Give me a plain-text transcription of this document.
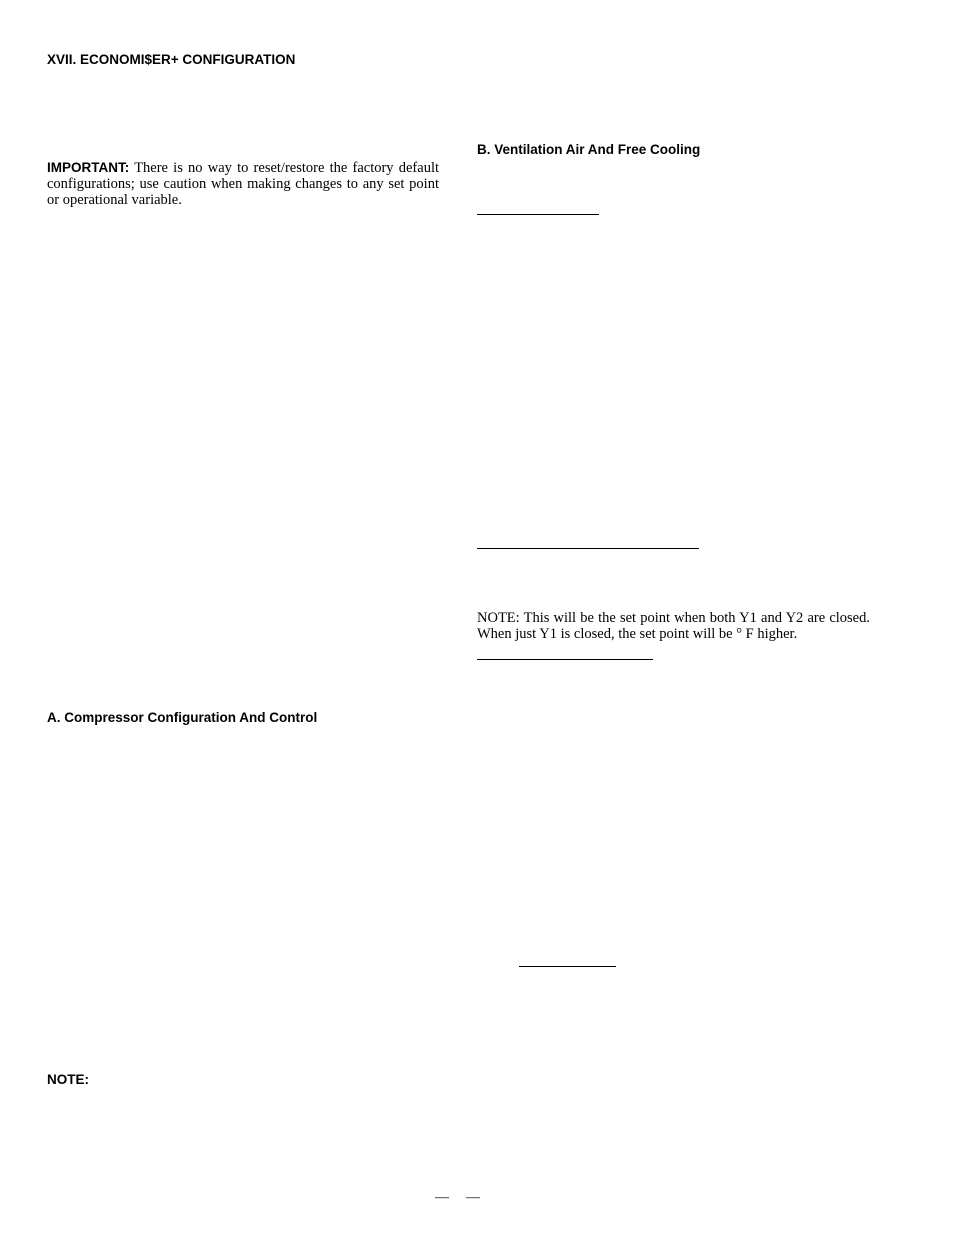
XVII. ECONOMI$ER+ CONFIGURATION
IMPORTANT: There is no way to reset/restore the factory default configurations; use caution when making changes to any set point or operational variable.
A. Compressor Configuration And Control
NOTE:
B. Ventilation Air And Free Cooling
NOTE: This will be the set point when both Y1 and Y2 are closed. When just Y1 is closed, the set point will be ° F higher.
— —
